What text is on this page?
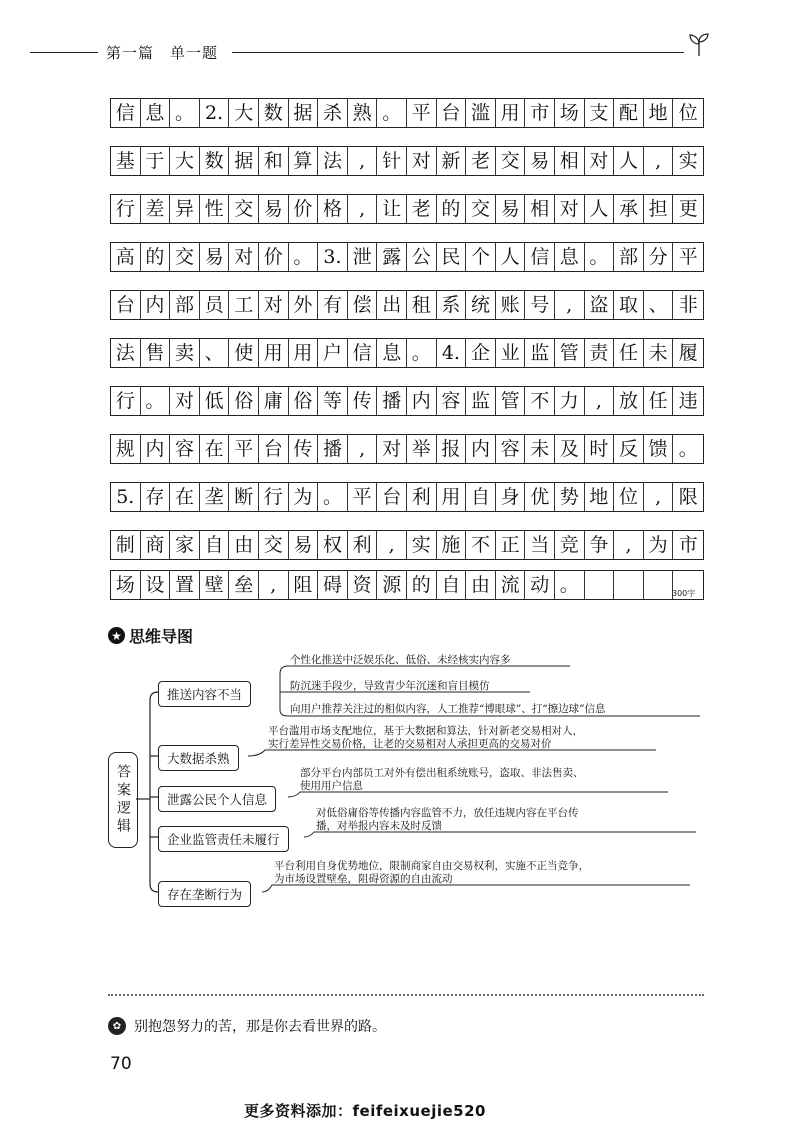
第一篇　单一题
信 息 。 2. 大 数 据 杀 熟 。 平 台 滥 用 市 场 支 配 地 位
基 于 大 数 据 和 算 法 , 针 对 新 老 交 易 相 对 人 , 实
行 差 异 性 交 易 价 格 , 让 老 的 交 易 相 对 人 承 担 更
高 的 交 易 对 价 。 3. 泄 露 公 民 个 人 信 息 。 部 分 平
台 内 部 员 工 对 外 有 偿 出 租 系 统 账 号 , 盗 取 、 非
法 售 卖 、 使 用 用 户 信 息 。 4. 企 业 监 管 责 任 未 履
行 。 对 低 俗 庸 俗 等 传 播 内 容 监 管 不 力 , 放 任 违
规 内 容 在 平 台 传 播 , 对 举 报 内 容 未 及 时 反 馈 。
5. 存 在 垄 断 行 为 。 平 台 利 用 自 身 优 势 地 位 , 限
制 商 家 自 由 交 易 权 利 , 实 施 不 正 当 竞 争 , 为 市
场 设 置 壁 垒 , 阻 碍 资 源 的 自 由 流 动 。	300字
★ 思维导图
答案逻辑
推送内容不当
个性化推送中泛娱乐化、低俗、未经核实内容多
防沉迷手段少，导致青少年沉迷和盲目模仿
向用户推荐关注过的相似内容，人工推荐“博眼球”、打“擦边球”信息
大数据杀熟
平台滥用市场支配地位，基于大数据和算法，针对新老交易相对人，
实行差异性交易价格，让老的交易相对人承担更高的交易对价
泄露公民个人信息
部分平台内部员工对外有偿出租系统账号，盗取、非法售卖、
使用用户信息
企业监管责任未履行
对低俗庸俗等传播内容监管不力，放任违规内容在平台传
播，对举报内容未及时反馈
存在垄断行为
平台利用自身优势地位，限制商家自由交易权利，实施不正当竞争，
为市场设置壁垒，阻碍资源的自由流动
✿ 别抱怨努力的苦，那是你去看世界的路。
70
更多资料添加：feifeixuejie520
